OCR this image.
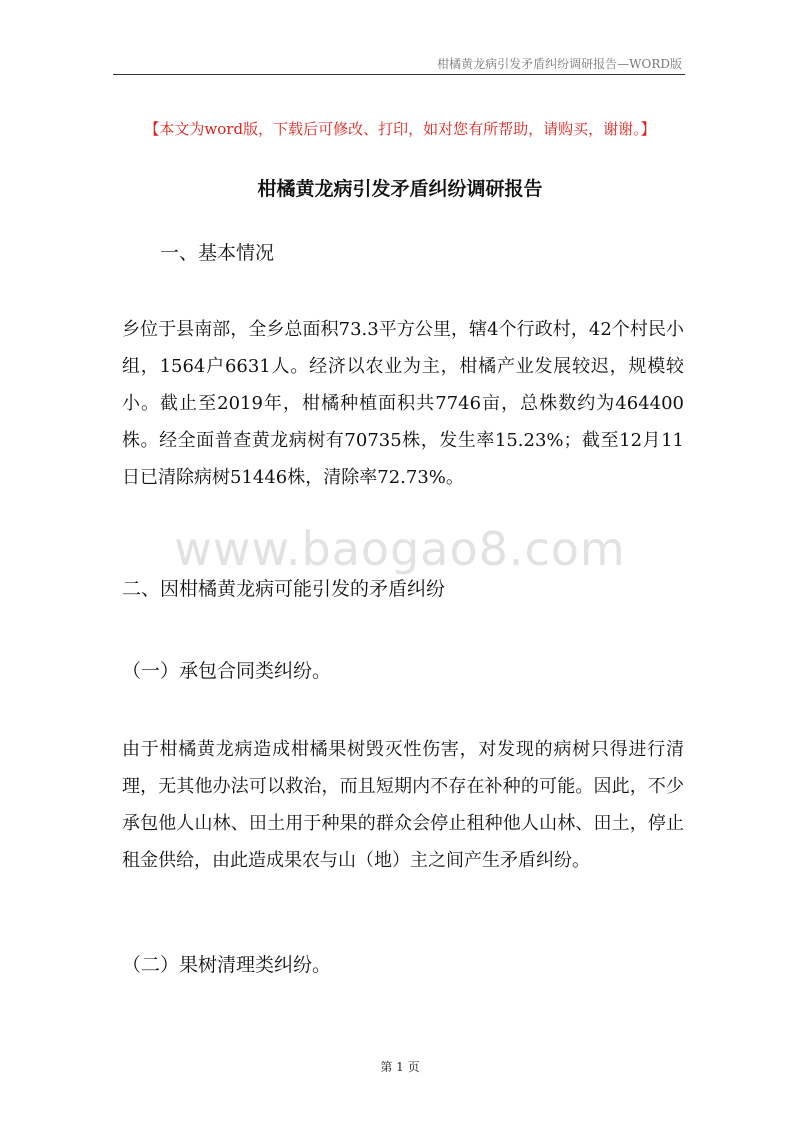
柑橘黄龙病引发矛盾纠纷调研报告—WORD版
【本文为word版，下载后可修改、打印，如对您有所帮助，请购买，谢谢。】
柑橘黄龙病引发矛盾纠纷调研报告
一、基本情况
乡位于县南部，全乡总面积73.3平方公里，辖4个行政村，42个村民小组，1564户6631人。经济以农业为主，柑橘产业发展较迟，规模较小。截止至2019年，柑橘种植面积共7746亩，总株数约为464400株。经全面普查黄龙病树有70735株，发生率15.23%；截至12月11日已清除病树51446株，清除率72.73%。
www.baogao8.com
二、因柑橘黄龙病可能引发的矛盾纠纷
（一）承包合同类纠纷。
由于柑橘黄龙病造成柑橘果树毁灭性伤害，对发现的病树只得进行清理，无其他办法可以救治，而且短期内不存在补种的可能。因此，不少承包他人山林、田土用于种果的群众会停止租种他人山林、田土，停止租金供给，由此造成果农与山（地）主之间产生矛盾纠纷。
（二）果树清理类纠纷。
第 1 页
